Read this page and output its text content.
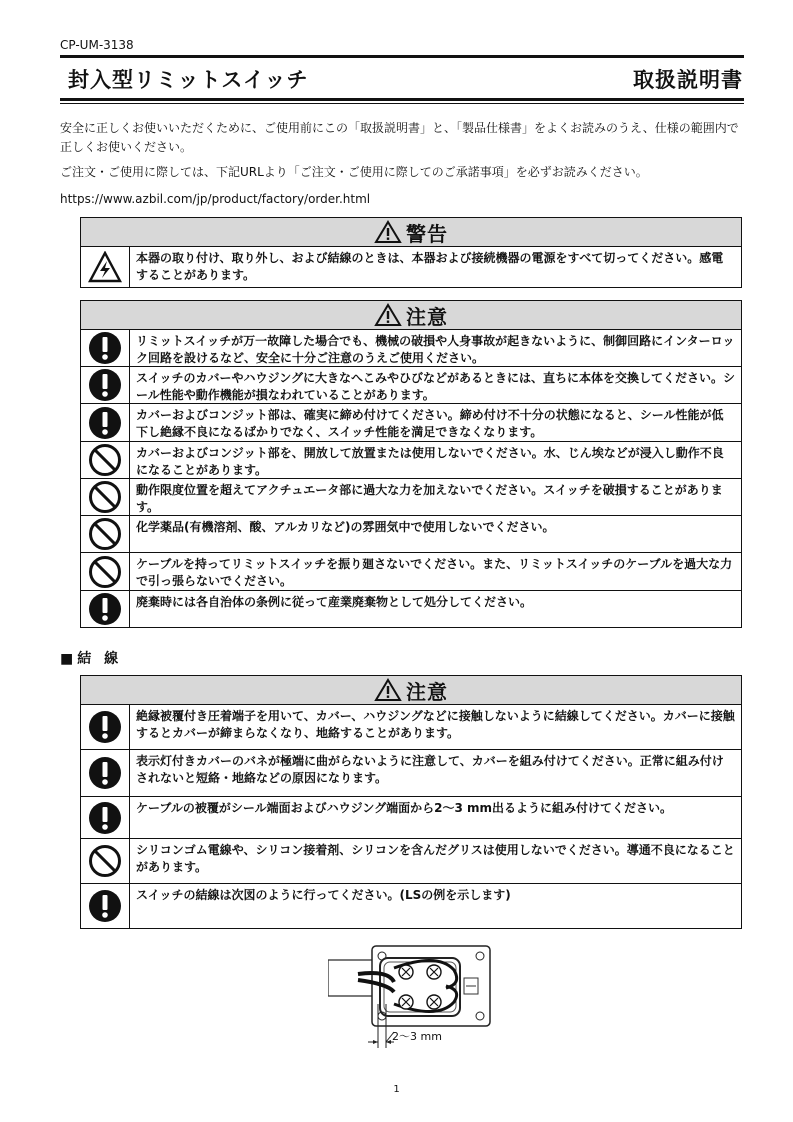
CP-UM-3138
封入型リミットスイッチ	取扱説明書
安全に正しくお使いいただくために、ご使用前にこの「取扱説明書」と、「製品仕様書」をよくお読みのうえ、仕様の範囲内で正しくお使いください。
ご注文・ご使用に際しては、下記URLより「ご注文・ご使用に際してのご承諾事項」を必ずお読みください。
https://www.azbil.com/jp/product/factory/order.html
警告
本器の取り付け、取り外し、および結線のときは、本器および接続機器の電源をすべて切ってください。感電することがあります。
注意
リミットスイッチが万一故障した場合でも、機械の破損や人身事故が起きないように、制御回路にインターロック回路を設けるなど、安全に十分ご注意のうえご使用ください。
スイッチのカバーやハウジングに大きなへこみやひびなどがあるときには、直ちに本体を交換してください。シール性能や動作機能が損なわれていることがあります。
カバーおよびコンジット部は、確実に締め付けてください。締め付け不十分の状態になると、シール性能が低下し絶縁不良になるばかりでなく、スイッチ性能を満足できなくなります。
カバーおよびコンジット部を、開放して放置または使用しないでください。水、じん埃などが浸入し動作不良になることがあります。
動作限度位置を超えてアクチュエータ部に過大な力を加えないでください。スイッチを破損することがあります。
化学薬品(有機溶剤、酸、アルカリなど)の雰囲気中で使用しないでください。
ケーブルを持ってリミットスイッチを振り廻さないでください。また、リミットスイッチのケーブルを過大な力で引っ張らないでください。
廃棄時には各自治体の条例に従って産業廃棄物として処分してください。
■結 線
注意
絶縁被覆付き圧着端子を用いて、カバー、ハウジングなどに接触しないように結線してください。カバーに接触するとカバーが締まらなくなり、地絡することがあります。
表示灯付きカバーのバネが極端に曲がらないように注意して、カバーを組み付けてください。正常に組み付けされないと短絡・地絡などの原因になります。
ケーブルの被覆がシール端面およびハウジング端面から2～3 mm出るように組み付けてください。
シリコンゴム電線や、シリコン接着剤、シリコンを含んだグリスは使用しないでください。導通不良になることがあります。
スイッチの結線は次図のように行ってください。(LSの例を示します)
2～3 mm
1
